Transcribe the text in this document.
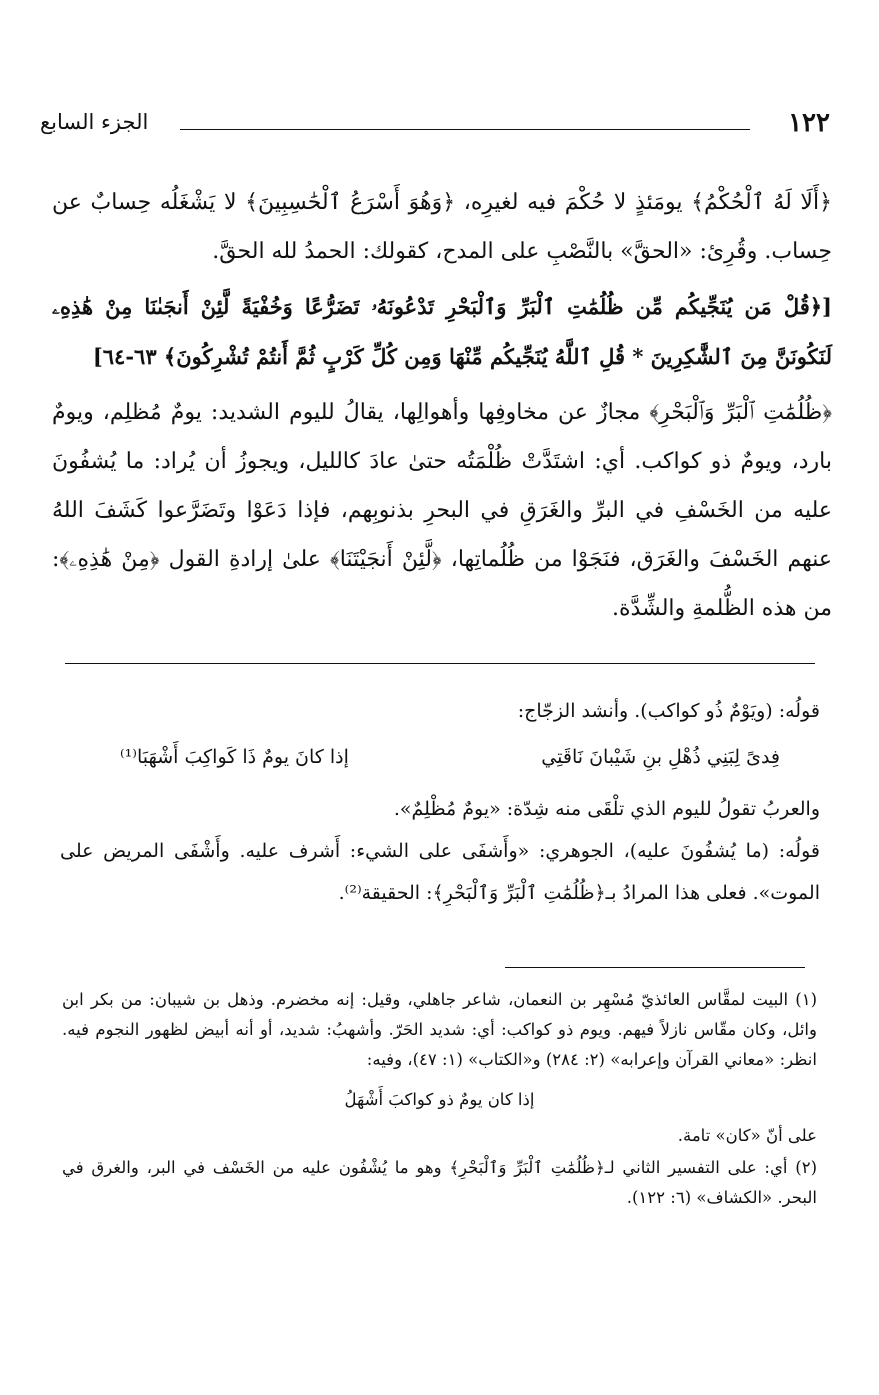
١٢٢
الجزء السابع

﴿أَلَا لَهُ ٱلْحُكْمُ﴾ يومَئذٍ لا حُكْمَ فيه لغيرِه، ﴿وَهُوَ أَسْرَعُ ٱلْحَٰسِبِينَ﴾ لا يَشْغَلُه حِسابٌ عن حِساب. وقُرِئ: «الحقَّ» بالنَّصْبِ على المدح، كقولك: الحمدُ لله الحقَّ.

[﴿قُلْ مَن يُنَجِّيكُم مِّن ظُلُمَٰتِ ٱلْبَرِّ وَٱلْبَحْرِ تَدْعُونَهُۥ تَضَرُّعًا وَخُفْيَةً لَّئِنْ أَنجَىٰنَا مِنْ هَٰذِهِۦ لَنَكُونَنَّ مِنَ ٱلشَّٰكِرِينَ * قُلِ ٱللَّهُ يُنَجِّيكُم مِّنْهَا وَمِن كُلِّ كَرْبٍ ثُمَّ أَنتُمْ تُشْرِكُونَ﴾ ٦٣-٦٤]

﴿ظُلُمَٰتِ ٱلْبَرِّ وَٱلْبَحْرِ﴾ مجازٌ عن مخاوفِها وأهوالِها، يقالُ لليوم الشديد: يومٌ مُظلِم، ويومٌ بارد، ويومٌ ذو كواكب. أي: اشتَدَّتْ ظُلْمَتُه حتىٰ عادَ كالليل، ويجوزُ أن يُراد: ما يُشفُونَ عليه من الخَسْفِ في البرِّ والغَرَقِ في البحرِ بذنوبِهم، فإذا دَعَوْا وتَضَرَّعوا كَشَفَ اللهُ عنهم الخَسْفَ والغَرَق، فنَجَوْا من ظُلُماتِها، ﴿لَّئِنْ أَنجَيْتَنَا﴾ علىٰ إرادةِ القول ﴿مِنْ هَٰذِهِۦ﴾: من هذه الظُّلمةِ والشِّدَّة.

قولُه: (ويَوْمٌ ذُو كواكب). وأنشد الزجّاج:

فِدىً لِبَنِي ذُهْلِ بنِ شَيْبانَ نَاقَتِي
إذا كانَ يومٌ ذَا كَواكِبَ أَشْهَبَا⁽¹⁾

والعربُ تقولُ لليوم الذي تلْقَى منه شِدّة: «يومٌ مُظْلِمٌ».

قولُه: (ما يُشفُونَ عليه)، الجوهري: «وأَشفَى على الشيء: أَشرف عليه. وأَشْفَى المريض على الموت». فعلى هذا المرادُ بـ﴿ظُلُمَٰتِ ٱلْبَرِّ وَٱلْبَحْرِ﴾: الحقيقة⁽²⁾.

(١) البيت لمقَّاس العائذيّ مُسْهِر بن النعمان، شاعر جاهلي، وقيل: إنه مخضرم. وذهل بن شيبان: من بكر ابن وائل، وكان مقّاس نازلاً فيهم. ويوم ذو كواكب: أي: شديد الحَرّ. وأشهبُ: شديد، أو أنه أبيض لظهور النجوم فيه. انظر: «معاني القرآن وإعرابه» (٢: ٢٨٤) و«الكتاب» (١: ٤٧)، وفيه:

إذا كان يومٌ ذو كواكبَ أَشْهَلُ

على أنّ «كان» تامة.

(٢) أي: على التفسير الثاني لـ﴿ظُلُمَٰتِ ٱلْبَرِّ وَٱلْبَحْرِ﴾ وهو ما يُشْفُون عليه من الخَسْف في البر، والغرق في البحر. «الكشاف» (٦: ١٢٢).
